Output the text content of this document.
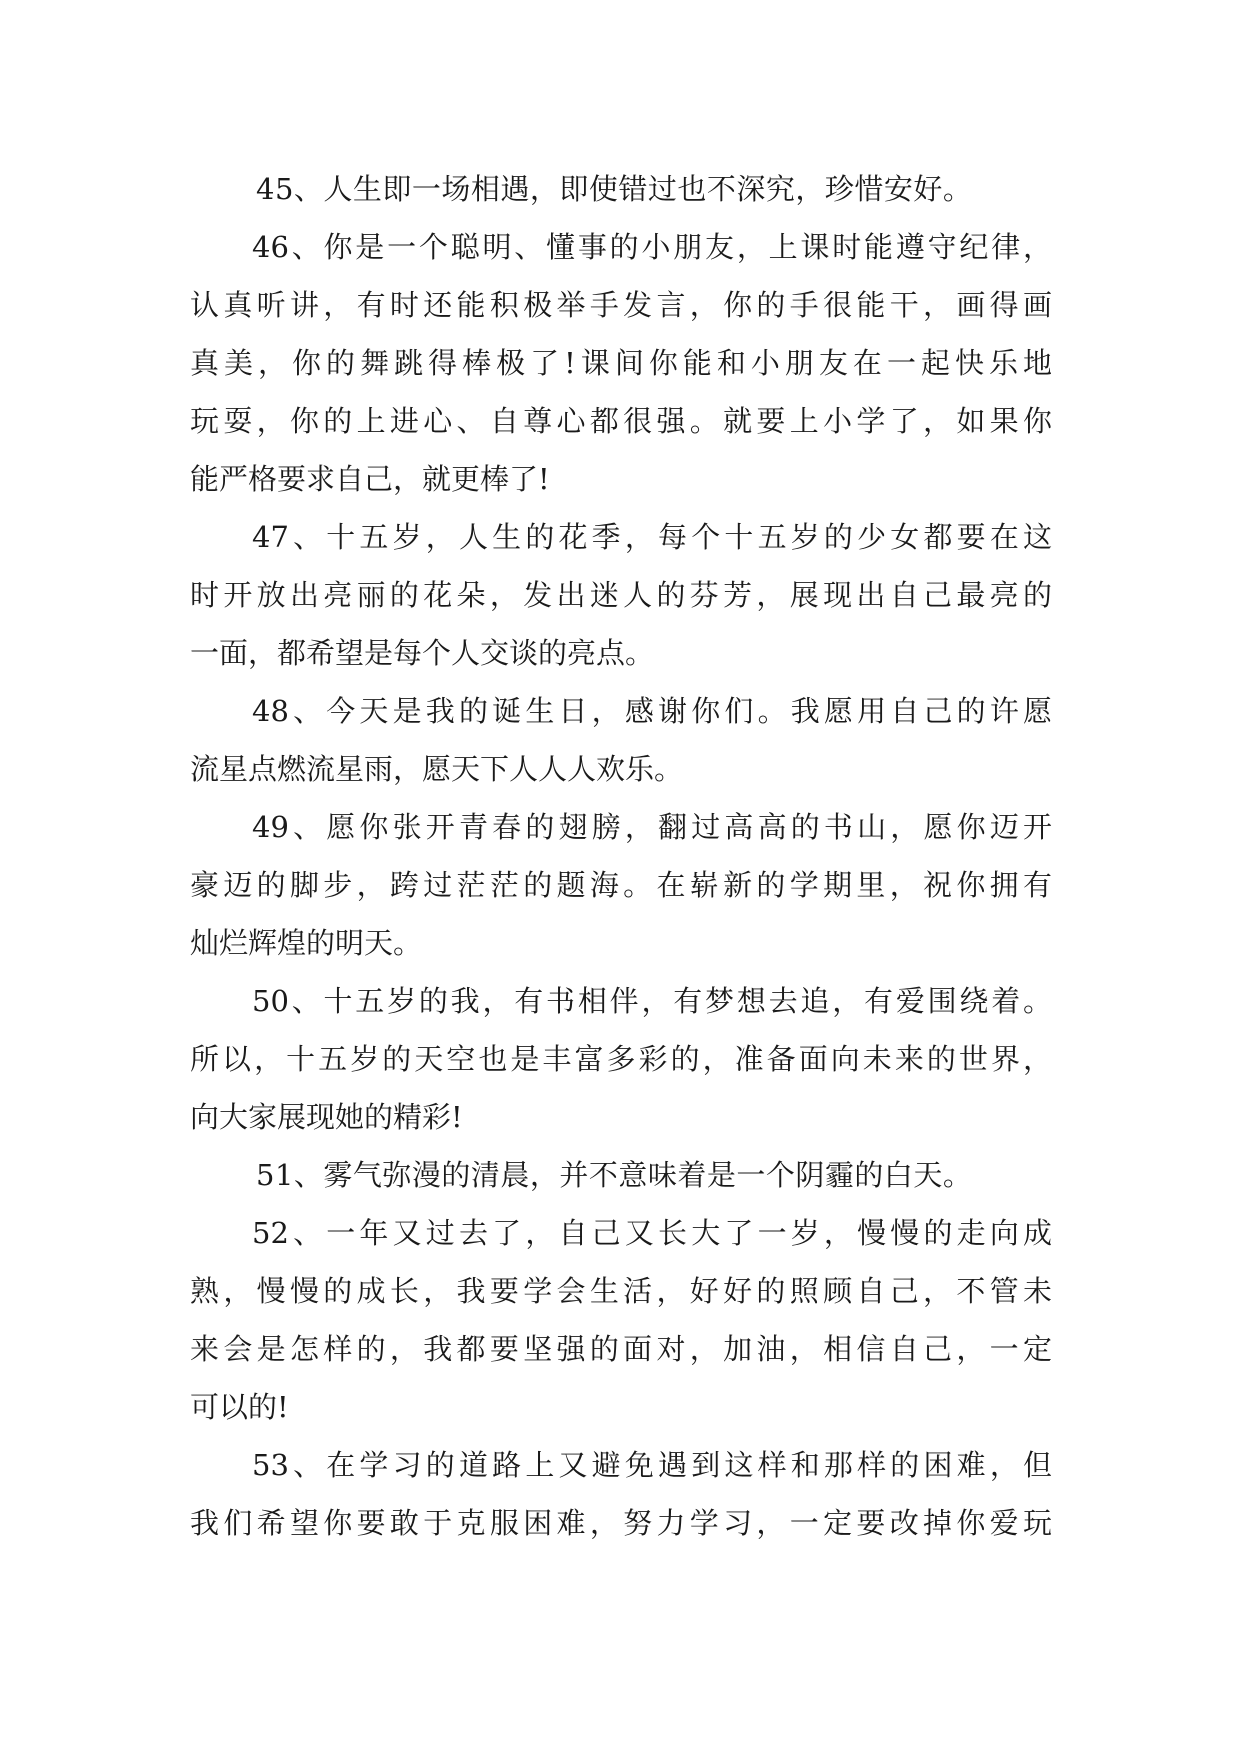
45、人生即一场相遇，即使错过也不深究，珍惜安好。
46、你是一个聪明、懂事的小朋友，上课时能遵守纪律，
认真听讲，有时还能积极举手发言，你的手很能干，画得画
真美，你的舞跳得棒极了!课间你能和小朋友在一起快乐地
玩耍，你的上进心、自尊心都很强。就要上小学了，如果你
能严格要求自己，就更棒了!
47、十五岁，人生的花季，每个十五岁的少女都要在这
时开放出亮丽的花朵，发出迷人的芬芳，展现出自己最亮的
一面，都希望是每个人交谈的亮点。
48、今天是我的诞生日，感谢你们。我愿用自己的许愿
流星点燃流星雨，愿天下人人人欢乐。
49、愿你张开青春的翅膀，翻过高高的书山，愿你迈开
豪迈的脚步，跨过茫茫的题海。在崭新的学期里，祝你拥有
灿烂辉煌的明天。
50、十五岁的我，有书相伴，有梦想去追，有爱围绕着。
所以，十五岁的天空也是丰富多彩的，准备面向未来的世界，
向大家展现她的精彩!
51、雾气弥漫的清晨，并不意味着是一个阴霾的白天。
52、一年又过去了，自己又长大了一岁，慢慢的走向成
熟，慢慢的成长，我要学会生活，好好的照顾自己，不管未
来会是怎样的，我都要坚强的面对，加油，相信自己，一定
可以的!
53、在学习的道路上又避免遇到这样和那样的困难，但
我们希望你要敢于克服困难，努力学习，一定要改掉你爱玩
